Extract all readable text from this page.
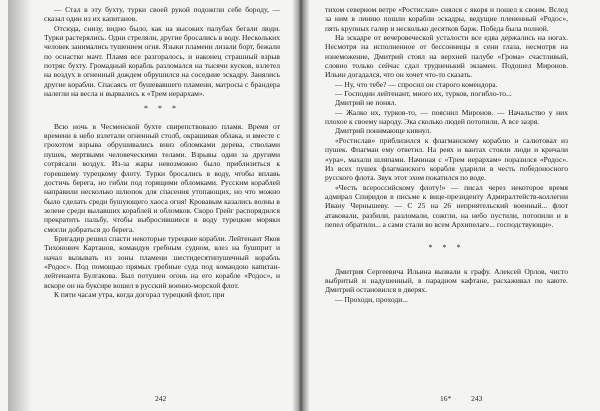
— Стал в эту бухту, турки своей рукой подожгли себе бороду, — сказал один из их капитанов.

Отсюда, снизу, видно было, как на высоких палубах бегали люди. Турки растерялись. Одни стреляли, другие бросались в воду. Нескольких человек занимались тушением огня. Языки пламени лизали борт, бежали по оснастке мачт. Пламя все разгоралось, и наконец страшный взрыв потряс бухту. Громадный корабль разломался на тысячи кусков, взлетел на воздух в огненный дождем обрушился на соседние эскадру. Занялись другие корабли. Спасаясь от бушевавшего пламени, матросы с брандера налегли на весла и вырвались к «Трем иерархам».

* * *

Всю ночь в Чесменской бухте свирепствовало пламя. Время от времени в небо взлетали огненный столб, окрашивая облака, и вместе с грохотом взрыва обрушивались вниз обломками дерева, стволами пушек, мертвыми человеческими телами. Взрывы одни за другими сотрясали воздух. Из-за жары невозможно было приблизиться к горевшему турецкому флоту. Турки бросались в воду, чтобы вплавь достичь берега, но гибли под горящими обломками. Русским кораблей направили несколько шлюпок для спасения утопающих, но что можно было сделать среди бушующего хаоса огня! Кровавым казались волны в зелене среди вылавших кораблей и обломков. Скоро Грейг распорядился прекратить пальбу, чтобы выбросившиеся в воду турецкие моряки смогли добраться до берега.

Бригадир решил спасти некоторые турецкие корабли. Лейтенант Яков Тихонович Картанов, командуя гребным судном, влез на бушприт и начал вызывать из зоны пламени шестидесятипушечный корабль «Родос». Под помощью прямых гребные суда под командою капитан-лейтенанта Булгакова. Был потушен огонь на его корабле «Родос», и вскоре он на буксире вошел в русский военно-морской флот.

К пяти часам утра, когда догорал турецкий флот, при

242

тихом северном ветре «Ростислав» снялся с якоря и пошел к своим. Вслед за ним в линию пошли корабли эскадры, ведущие плененный «Родос», пять крупных галер и несколько десятков барж. Победа была полной.

На эскадре от вечеровеческой усталости все едва держались на ногах. Несмотря на исполненное от бессонницы в сени глаза, несмотря на изнеможение, Дмитрий стоял на верхней палубе «Грома» счастливый, словно только сейчас сдал трудненький экзамен. Подошел Миронов. Ильин догадался, что он хочет что-то сказать.

— Ну, что тебе? — спросил он старого комендора.

— Господин лейтенант, много их, турков, погибло-то...

Дмитрий не понял.

— Жалко их, турков-то, — пояснил Миронов. — Начальство у них плохое к своему народу. Эка сколько людей потопили. А все зазря.

Дмитрий понимающе кивнул.

«Ростислав» приблизился к флагманскому кораблю и салютовал из пушек. Флагман ему ответил. На реях и вантах стояли люди и кричали «ура», махали шляпами. Начиная с «Трем иерархам» поразился «Родос». Из всех пушек флагманского корабля ударили в честь победоносного русского флота. Звук этот эхом покатился по воде.

«Честь всероссийскому флоту!» — писал через некоторое время адмирал Спиридов в письме к вице-президенту Адмиралтейств-коллегии Ивану Чернышеву. — С 25 на 26 неприятельский военный... флот атаковали, разбили, разломали, сожгли, на небо пустили, потопили и в пепел обратили... а сами стали во всем Архипелаге... господствующи».

* * *

Дмитрия Сергеевича Ильина вызвали к графу. Алексей Орлов, чисто выбритый и надушенный, в парадном кафтане, расхаживал по каюте. Дмитрий остановился в дверях.

— Проходи, проходи...

16*	243
